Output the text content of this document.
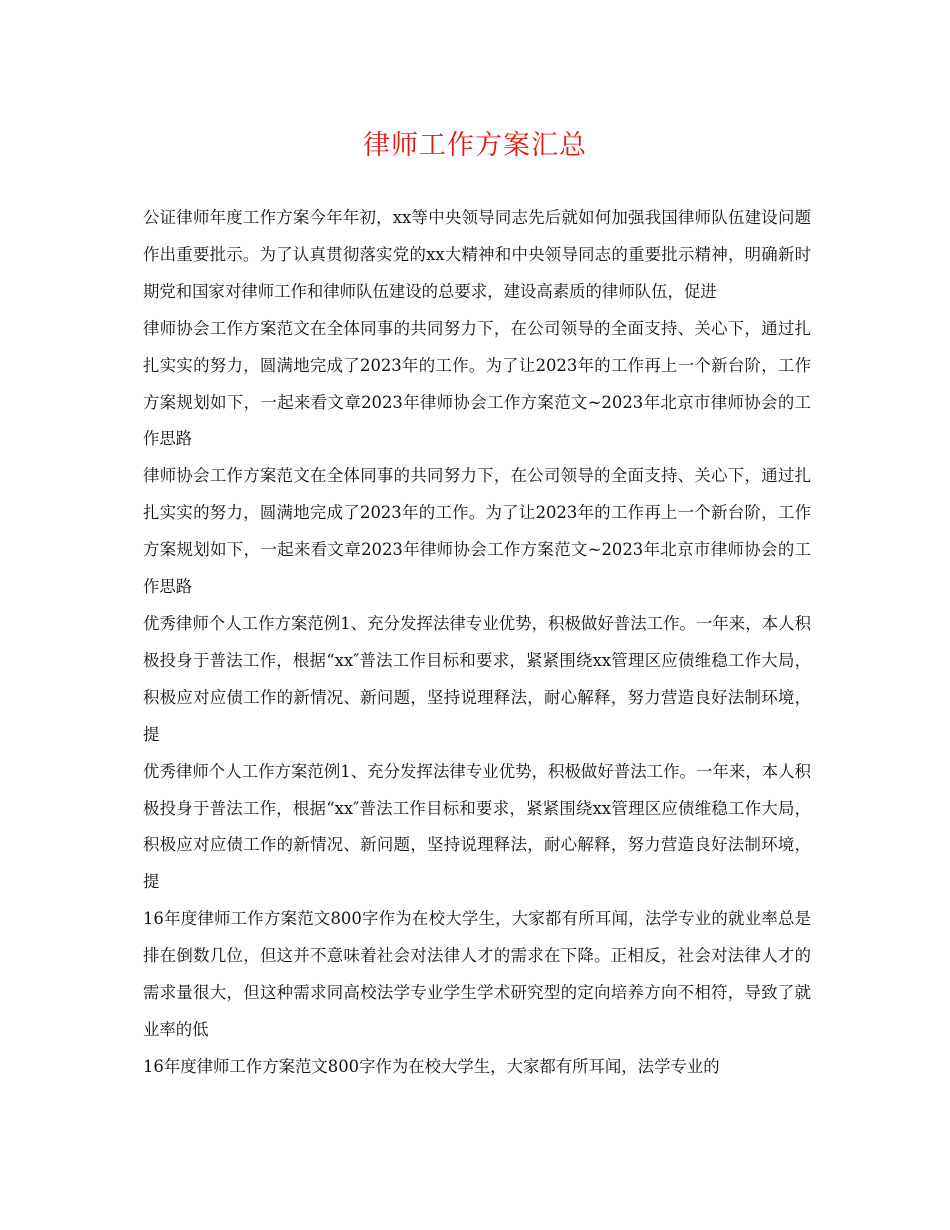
律师工作方案汇总

公证律师年度工作方案今年年初，xx等中央领导同志先后就如何加强我国律师队伍建设问题作出重要批示。为了认真贯彻落实党的xx大精神和中央领导同志的重要批示精神，明确新时期党和国家对律师工作和律师队伍建设的总要求，建设高素质的律师队伍，促进

律师协会工作方案范文在全体同事的共同努力下，在公司领导的全面支持、关心下，通过扎扎实实的努力，圆满地完成了2023年的工作。为了让2023年的工作再上一个新台阶，工作方案规划如下，一起来看文章2023年律师协会工作方案范文~2023年北京市律师协会的工作思路

律师协会工作方案范文在全体同事的共同努力下，在公司领导的全面支持、关心下，通过扎扎实实的努力，圆满地完成了2023年的工作。为了让2023年的工作再上一个新台阶，工作方案规划如下，一起来看文章2023年律师协会工作方案范文~2023年北京市律师协会的工作思路

优秀律师个人工作方案范例1、充分发挥法律专业优势，积极做好普法工作。一年来，本人积极投身于普法工作，根据“xx″普法工作目标和要求，紧紧围绕xx管理区应债维稳工作大局，积极应对应债工作的新情况、新问题，坚持说理释法，耐心解释，努力营造良好法制环境，提

优秀律师个人工作方案范例1、充分发挥法律专业优势，积极做好普法工作。一年来，本人积极投身于普法工作，根据“xx″普法工作目标和要求，紧紧围绕xx管理区应债维稳工作大局，积极应对应债工作的新情况、新问题，坚持说理释法，耐心解释，努力营造良好法制环境，提

16年度律师工作方案范文800字作为在校大学生，大家都有所耳闻，法学专业的就业率总是排在倒数几位，但这并不意味着社会对法律人才的需求在下降。正相反，社会对法律人才的需求量很大，但这种需求同高校法学专业学生学术研究型的定向培养方向不相符，导致了就业率的低

16年度律师工作方案范文800字作为在校大学生，大家都有所耳闻，法学专业的
